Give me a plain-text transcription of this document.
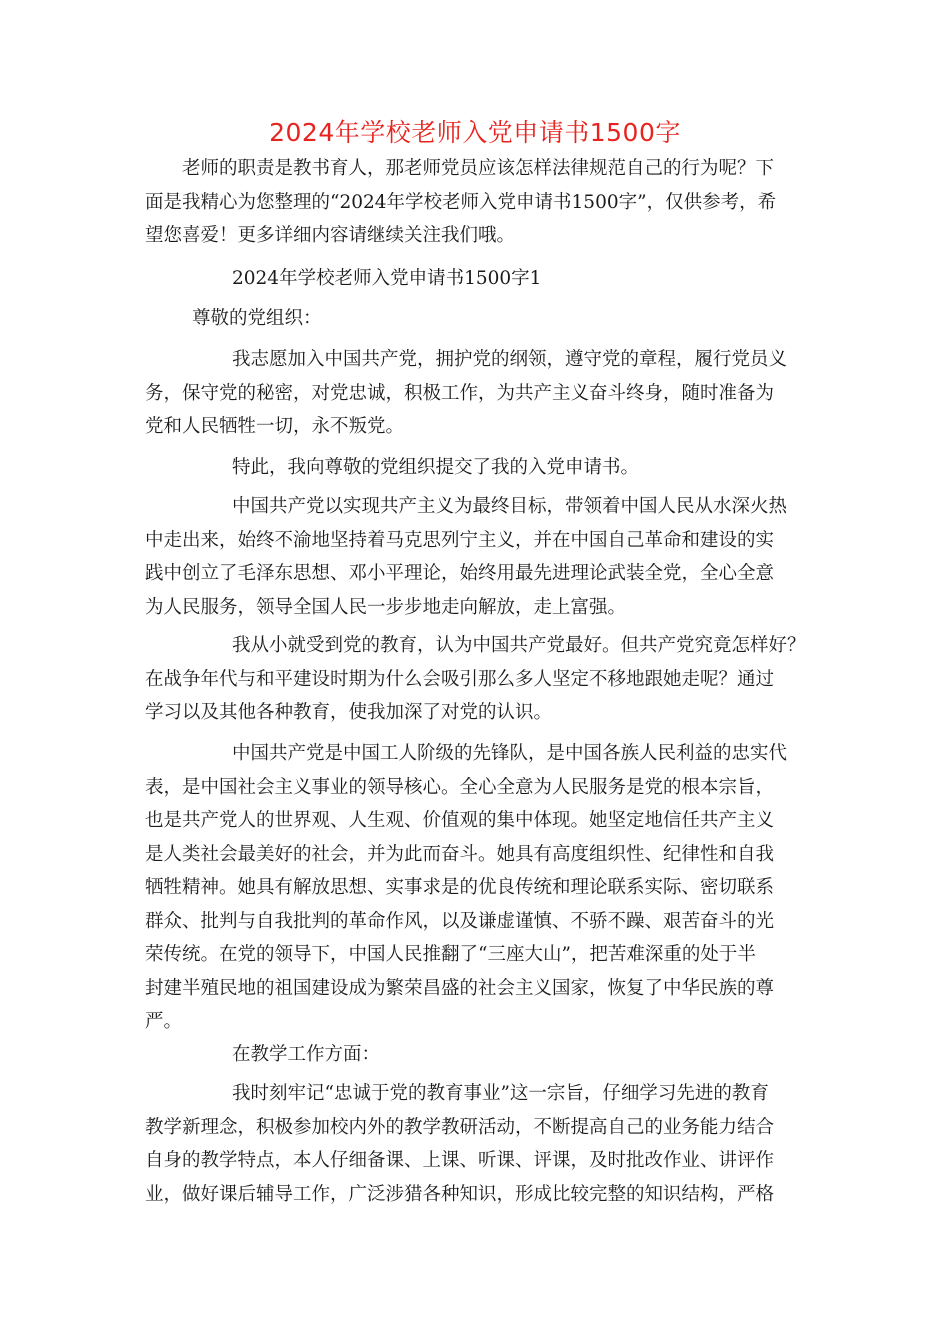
2024年学校老师入党申请书1500字
老师的职责是教书育人，那老师党员应该怎样法律规范自己的行为呢？下
面是我精心为您整理的“2024年学校老师入党申请书1500字”，仅供参考，希
望您喜爱！更多详细内容请继续关注我们哦。

2024年学校老师入党申请书1500字1

尊敬的党组织：

我志愿加入中国共产党，拥护党的纲领，遵守党的章程，履行党员义
务，保守党的秘密，对党忠诚，积极工作，为共产主义奋斗终身，随时准备为
党和人民牺牲一切，永不叛党。

特此，我向尊敬的党组织提交了我的入党申请书。

中国共产党以实现共产主义为最终目标，带领着中国人民从水深火热
中走出来，始终不渝地坚持着马克思列宁主义，并在中国自己革命和建设的实
践中创立了毛泽东思想、邓小平理论，始终用最先进理论武装全党，全心全意
为人民服务，领导全国人民一步步地走向解放，走上富强。
我从小就受到党的教育，认为中国共产党最好。但共产党究竟怎样好？
在战争年代与和平建设时期为什么会吸引那么多人坚定不移地跟她走呢？通过
学习以及其他各种教育，使我加深了对党的认识。
中国共产党是中国工人阶级的先锋队，是中国各族人民利益的忠实代
表，是中国社会主义事业的领导核心。全心全意为人民服务是党的根本宗旨，
也是共产党人的世界观、人生观、价值观的集中体现。她坚定地信任共产主义
是人类社会最美好的社会，并为此而奋斗。她具有高度组织性、纪律性和自我
牺牲精神。她具有解放思想、实事求是的优良传统和理论联系实际、密切联系
群众、批判与自我批判的革命作风，以及谦虚谨慎、不骄不躁、艰苦奋斗的光
荣传统。在党的领导下，中国人民推翻了“三座大山”，把苦难深重的处于半
封建半殖民地的祖国建设成为繁荣昌盛的社会主义国家，恢复了中华民族的尊
严。

在教学工作方面：

我时刻牢记“忠诚于党的教育事业”这一宗旨，仔细学习先进的教育
教学新理念，积极参加校内外的教学教研活动，不断提高自己的业务能力结合
自身的教学特点，本人仔细备课、上课、听课、评课，及时批改作业、讲评作
业，做好课后辅导工作，广泛涉猎各种知识，形成比较完整的知识结构，严格
